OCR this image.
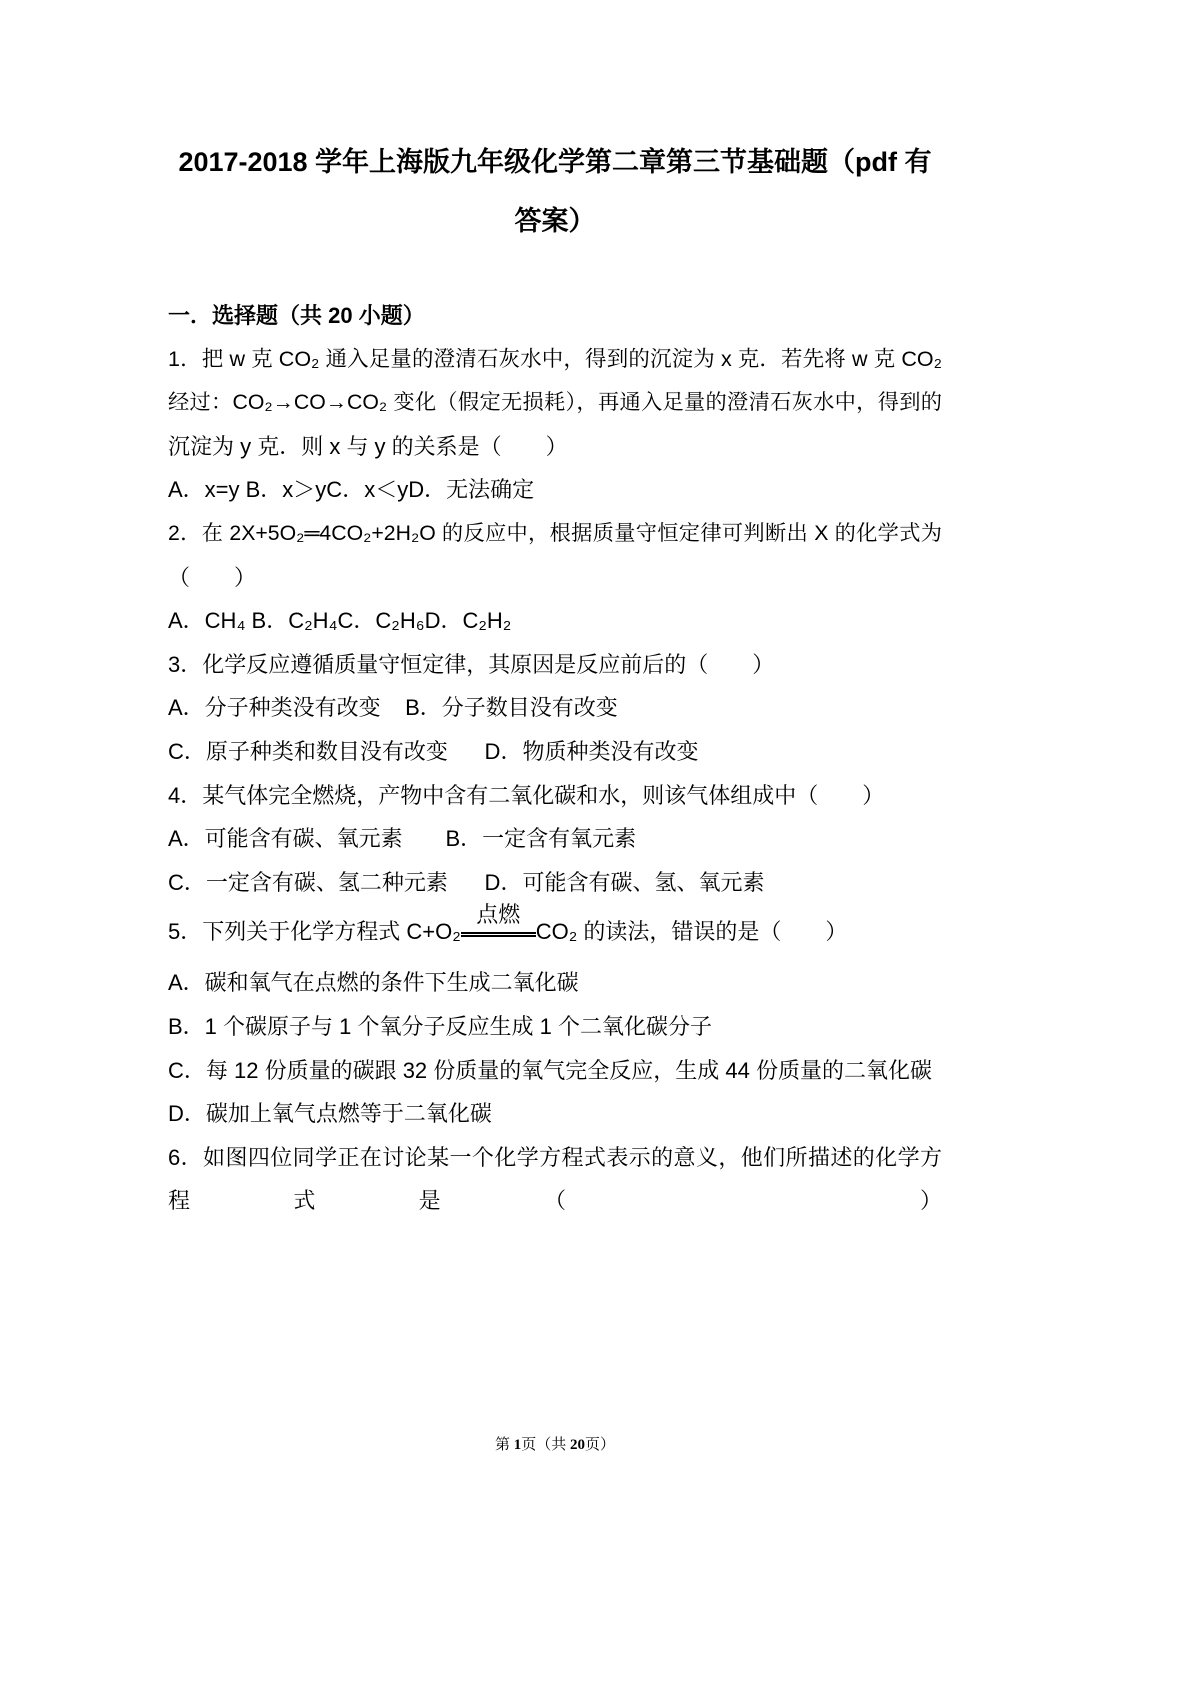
2017-2018 学年上海版九年级化学第二章第三节基础题（pdf 有
答案）
一．选择题（共 20 小题）
1．把 w 克 CO₂ 通入足量的澄清石灰水中，得到的沉淀为 x 克．若先将 w 克 CO₂
经过：CO₂→CO→CO₂ 变化（假定无损耗），再通入足量的澄清石灰水中，得到的
沉淀为 y 克．则 x 与 y 的关系是（　　）
A．x=y B．x＞yC．x＜yD．无法确定
2．在 2X+5O₂═4CO₂+2H₂O 的反应中，根据质量守恒定律可判断出 X 的化学式为
（　　）
A．CH₄ B．C₂H₄C．C₂H₆D．C₂H₂
3．化学反应遵循质量守恒定律，其原因是反应前后的（　　）
A．分子种类没有改变    B．分子数目没有改变
C．原子种类和数目没有改变      D．物质种类没有改变
4．某气体完全燃烧，产物中含有二氧化碳和水，则该气体组成中（　　）
A．可能含有碳、氧元素       B．一定含有氧元素
C．一定含有碳、氢二种元素      D．可能含有碳、氢、氧元素
5．下列关于化学方程式 C+O₂
点燃
CO₂ 的读法，错误的是（　　）
A．碳和氧气在点燃的条件下生成二氧化碳
B．1 个碳原子与 1 个氧分子反应生成 1 个二氧化碳分子
C．每 12 份质量的碳跟 32 份质量的氧气完全反应，生成 44 份质量的二氧化碳
D．碳加上氧气点燃等于二氧化碳
6．如图四位同学正在讨论某一个化学方程式表示的意义，他们所描述的化学方
程式是（　　）
第 1页（共 20页）
